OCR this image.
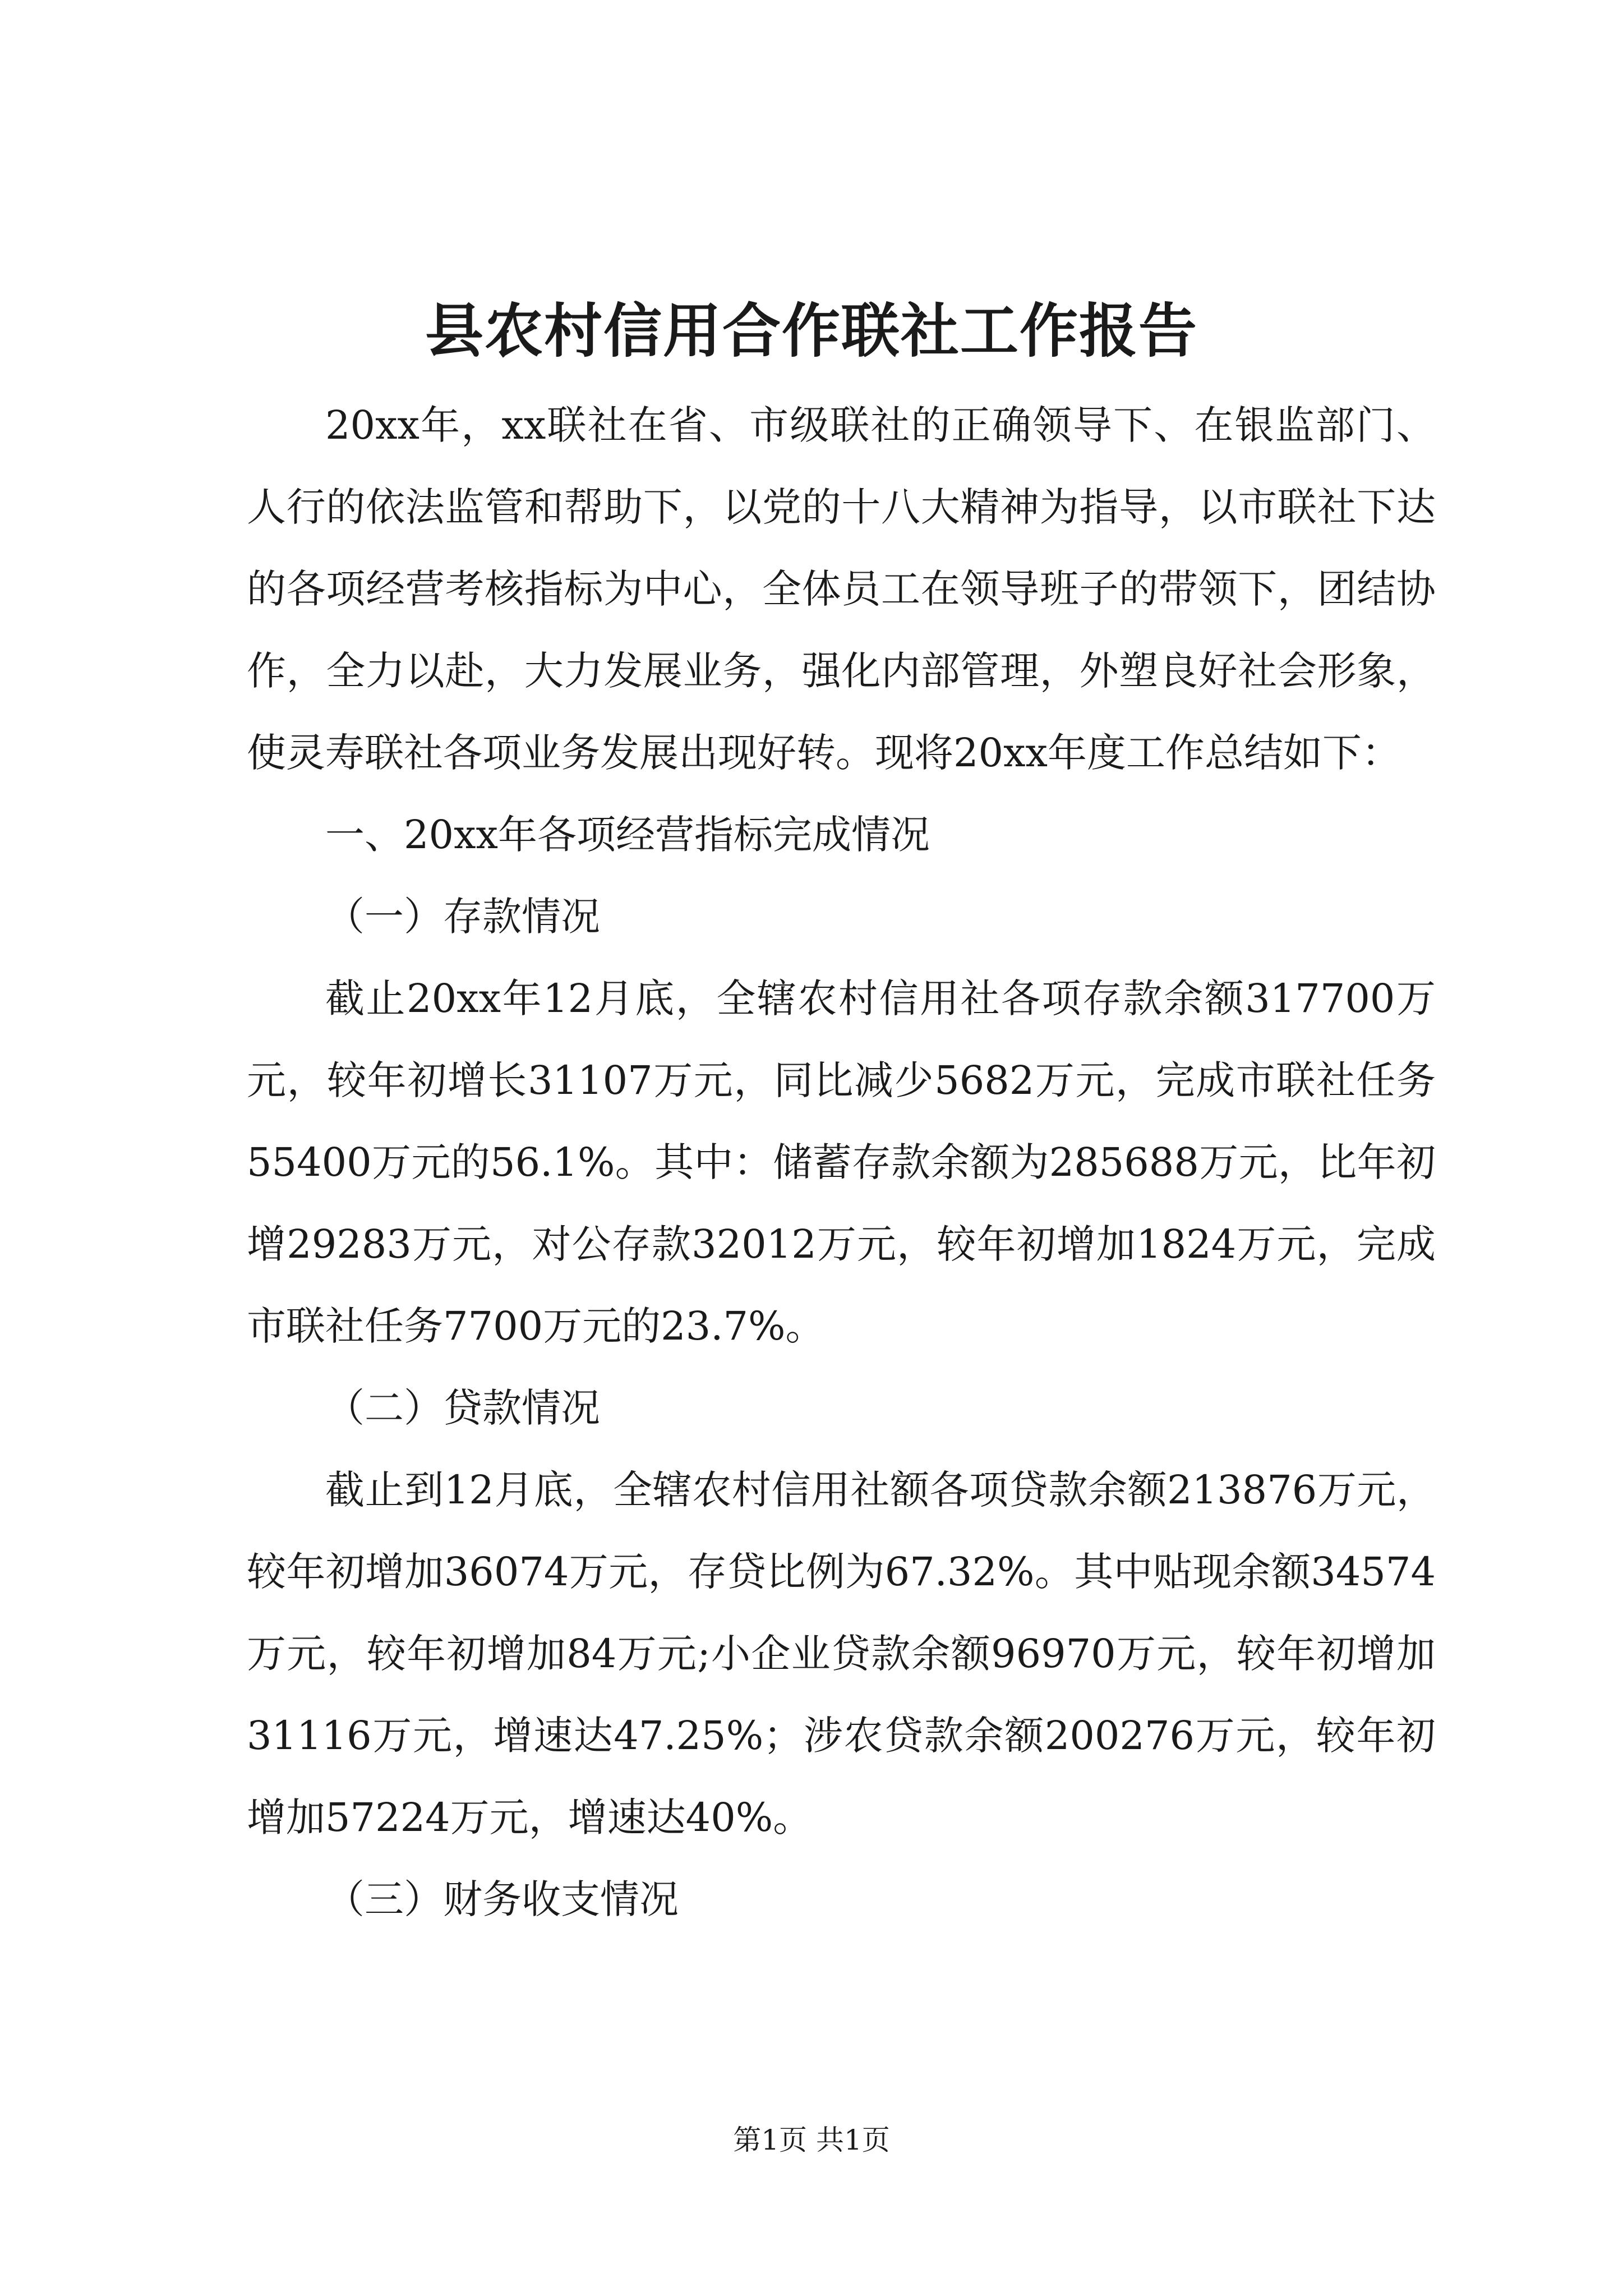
县农村信用合作联社工作报告

20xx年，xx联社在省、市级联社的正确领导下、在银监部门、人行的依法监管和帮助下，以党的十八大精神为指导，以市联社下达的各项经营考核指标为中心，全体员工在领导班子的带领下，团结协作，全力以赴，大力发展业务，强化内部管理，外塑良好社会形象，使灵寿联社各项业务发展出现好转。现将20xx年度工作总结如下：

一、20xx年各项经营指标完成情况

（一）存款情况

截止20xx年12月底，全辖农村信用社各项存款余额317700万元，较年初增长31107万元，同比减少5682万元，完成市联社任务55400万元的56.1%。其中：储蓄存款余额为285688万元，比年初增29283万元，对公存款32012万元，较年初增加1824万元，完成市联社任务7700万元的23.7%。

（二）贷款情况

截止到12月底，全辖农村信用社额各项贷款余额213876万元，较年初增加36074万元，存贷比例为67.32%。其中贴现余额34574万元，较年初增加84万元;小企业贷款余额96970万元，较年初增加31116万元，增速达47.25%；涉农贷款余额200276万元，较年初增加57224万元，增速达40%。

（三）财务收支情况

第1页 共1页
